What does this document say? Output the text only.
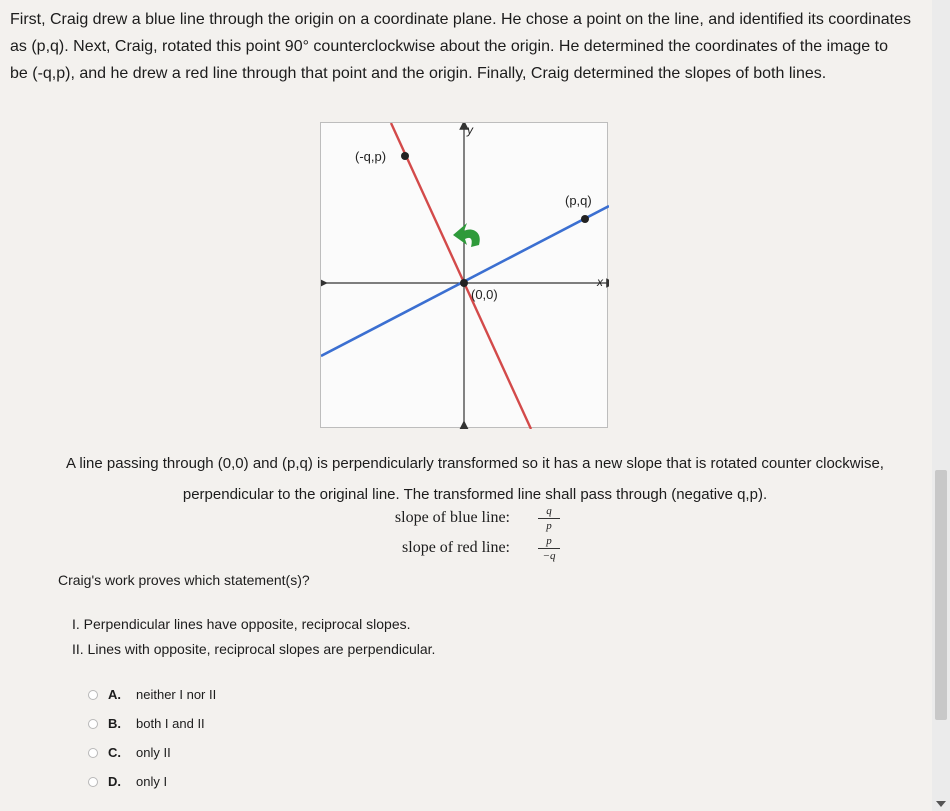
First, Craig drew a blue line through the origin on a coordinate plane. He chose a point on the line, and identified its coordinates
as (p,q). Next, Craig, rotated this point 90° counterclockwise about the origin. He determined the coordinates of the image to
be (-q,p), and he drew a red line through that point and the origin. Finally, Craig determined the slopes of both lines.
y
x
(-q,p)
(p,q)
(0,0)
A line passing through (0,0) and (p,q) is perpendicularly transformed so it has a new slope that is rotated counter clockwise,
perpendicular to the original line. The transformed line shall pass through (negative q,p).
slope of blue line:	$\frac{q}{p}$
slope of red line:	$\frac{p}{-q}$
Craig's work proves which statement(s)?
I. Perpendicular lines have opposite, reciprocal slopes.
II. Lines with opposite, reciprocal slopes are perpendicular.
A.	neither I nor II
B.	both I and II
C.	only II
D.	only I
